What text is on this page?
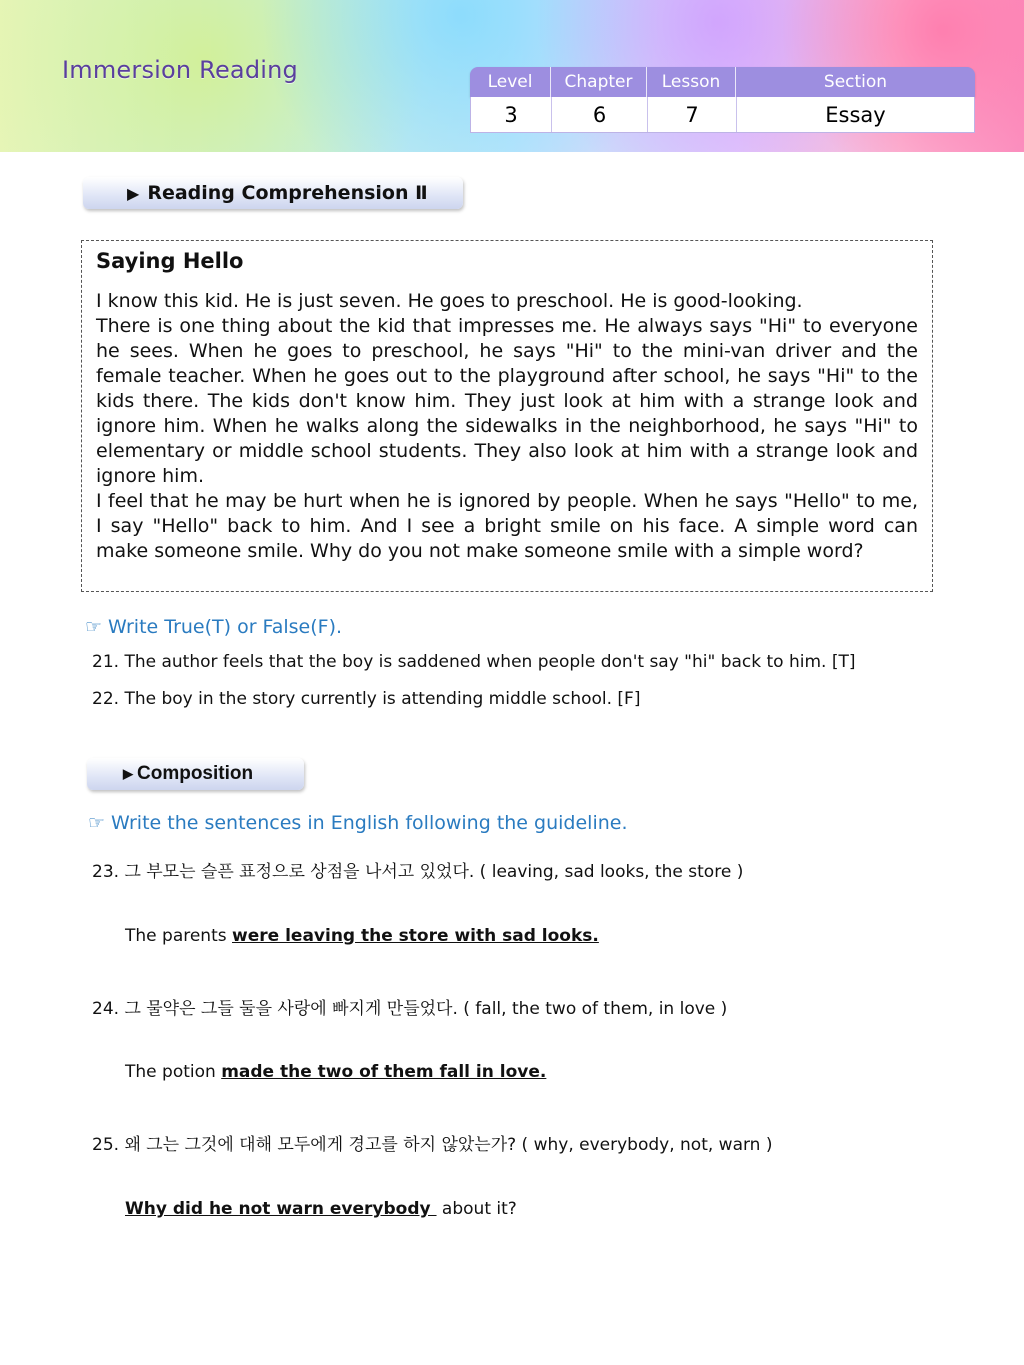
Immersion Reading	Level	Chapter	Lesson	Section
3	6	7	Essay
▶ Reading Comprehension Ⅱ
Saying Hello

I know this kid. He is just seven. He goes to preschool. He is good-looking.

There is one thing about the kid that impresses me. He always says "Hi" to everyone he sees. When he goes to preschool, he says "Hi" to the mini-van driver and the female teacher. When he goes out to the playground after school, he says "Hi" to the kids there. The kids don't know him. They just look at him with a strange look and ignore him. When he walks along the sidewalks in the neighborhood, he says "Hi" to elementary or middle school students. They also look at him with a strange look and ignore him.

I feel that he may be hurt when he is ignored by people. When he says "Hello" to me, I say "Hello" back to him. And I see a bright smile on his face. A simple word can make someone smile. Why do you not make someone smile with a simple word?

☞ Write True(T) or False(F).
21. The author feels that the boy is saddened when people don't say "hi" back to him. [T]
22. The boy in the story currently is attending middle school. [F]
▶ Composition
☞ Write the sentences in English following the guideline.
23. 그 부모는 슬픈 표정으로 상점을 나서고 있었다. ( leaving, sad looks, the store )
The parents were leaving the store with sad looks.
24. 그 물약은 그들 둘을 사랑에 빠지게 만들었다. ( fall, the two of them, in love )
The potion made the two of them fall in love.
25. 왜 그는 그것에 대해 모두에게 경고를 하지 않았는가? ( why, everybody, not, warn )
Why did he not warn everybody  about it?
